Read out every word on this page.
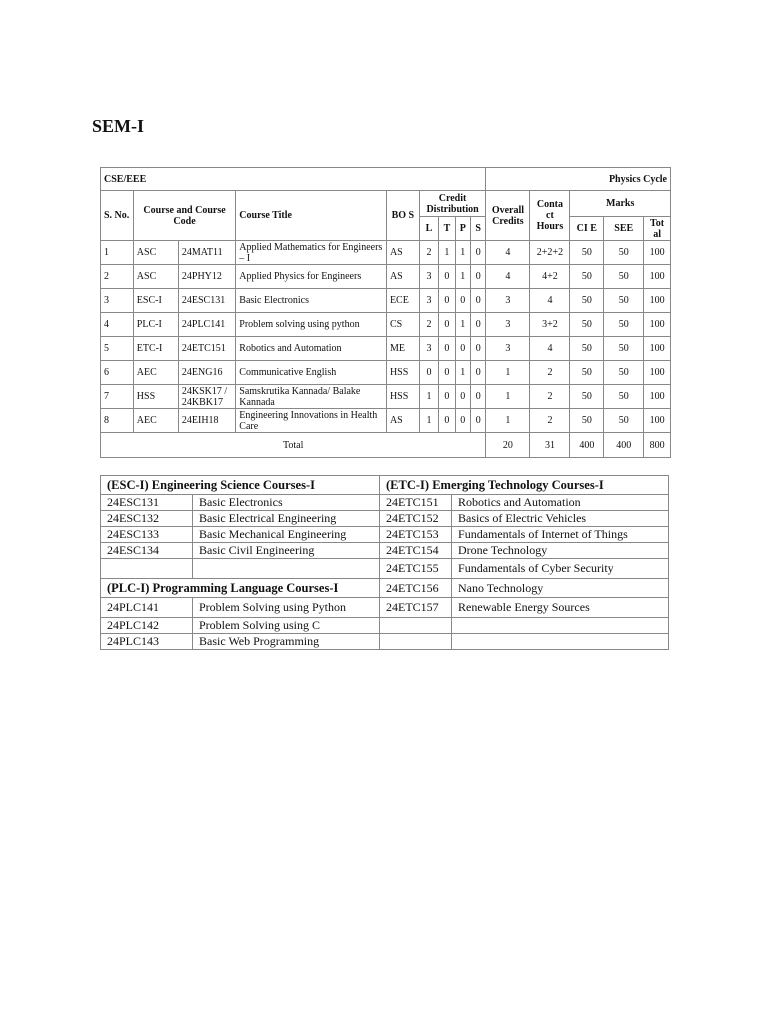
SEM-I
CSE/EEE									Physics Cycle				
S. No.	Course and Course Code		Course Title	BO S	Credit Distribution				Overall Credits	Conta ct Hours	Marks		
					L	T	P	S			CI E	SEE	Tot al
1	ASC	24MAT11	Applied Mathematics for Engineers – I	AS	2	1	1	0	4	2+2+2	50	50	100
2	ASC	24PHY12	Applied Physics for Engineers	AS	3	0	1	0	4	4+2	50	50	100
3	ESC-I	24ESC131	Basic Electronics	ECE	3	0	0	0	3	4	50	50	100
4	PLC-I	24PLC141	Problem solving using python	CS	2	0	1	0	3	3+2	50	50	100
5	ETC-I	24ETC151	Robotics and Automation	ME	3	0	0	0	3	4	50	50	100
6	AEC	24ENG16	Communicative English	HSS	0	0	1	0	1	2	50	50	100
7	HSS	24KSK17 / 24KBK17	Samskrutika Kannada/ Balake Kannada	HSS	1	0	0	0	1	2	50	50	100
8	AEC	24EIH18	Engineering Innovations in Health Care	AS	1	0	0	0	1	2	50	50	100
Total									20	31	400	400	800
(ESC-I) Engineering Science Courses-I		(ETC-I) Emerging Technology Courses-I	
24ESC131	Basic Electronics	24ETC151	Robotics and Automation
24ESC132	Basic Electrical Engineering	24ETC152	Basics of Electric Vehicles
24ESC133	Basic Mechanical Engineering	24ETC153	Fundamentals of Internet of Things
24ESC134	Basic Civil Engineering	24ETC154	Drone Technology
		24ETC155	Fundamentals of Cyber Security
(PLC-I) Programming Language Courses-I		24ETC156	Nano Technology
24PLC141	Problem Solving using Python	24ETC157	Renewable Energy Sources
24PLC142	Problem Solving using C		
24PLC143	Basic Web Programming		
